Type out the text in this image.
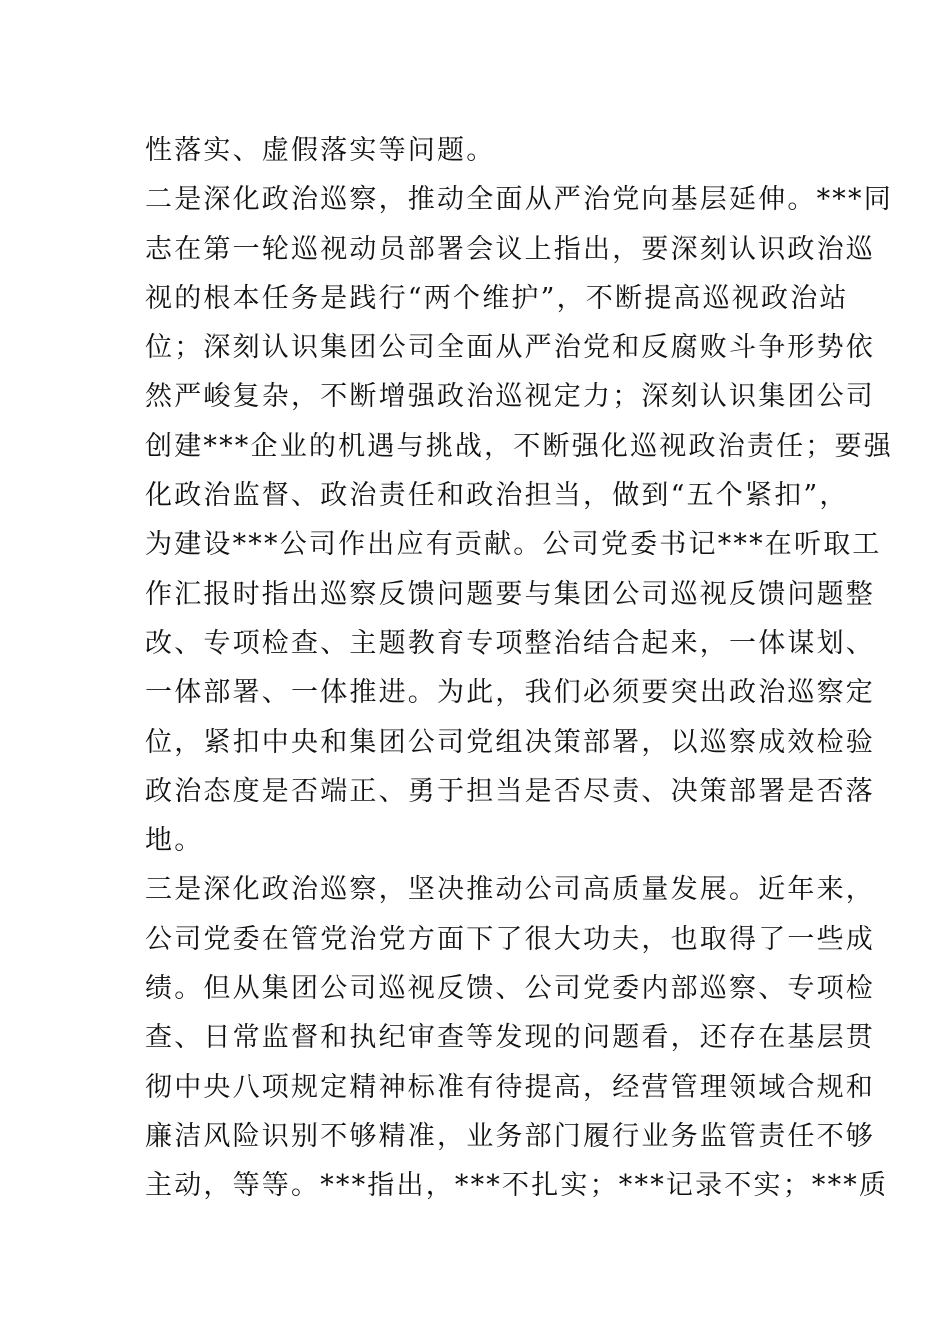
性落实、虚假落实等问题。
二是深化政治巡察，推动全面从严治党向基层延伸。***同
志在第一轮巡视动员部署会议上指出，要深刻认识政治巡
视的根本任务是践行“两个维护”，不断提高巡视政治站
位；深刻认识集团公司全面从严治党和反腐败斗争形势依
然严峻复杂，不断增强政治巡视定力；深刻认识集团公司
创建***企业的机遇与挑战，不断强化巡视政治责任；要强
化政治监督、政治责任和政治担当，做到“五个紧扣”，
为建设***公司作出应有贡献。公司党委书记***在听取工
作汇报时指出巡察反馈问题要与集团公司巡视反馈问题整
改、专项检查、主题教育专项整治结合起来，一体谋划、
一体部署、一体推进。为此，我们必须要突出政治巡察定
位，紧扣中央和集团公司党组决策部署，以巡察成效检验
政治态度是否端正、勇于担当是否尽责、决策部署是否落
地。
三是深化政治巡察，坚决推动公司高质量发展。近年来，
公司党委在管党治党方面下了很大功夫，也取得了一些成
绩。但从集团公司巡视反馈、公司党委内部巡察、专项检
查、日常监督和执纪审查等发现的问题看，还存在基层贯
彻中央八项规定精神标准有待提高，经营管理领域合规和
廉洁风险识别不够精准，业务部门履行业务监管责任不够
主动，等等。***指出，***不扎实；***记录不实；***质
